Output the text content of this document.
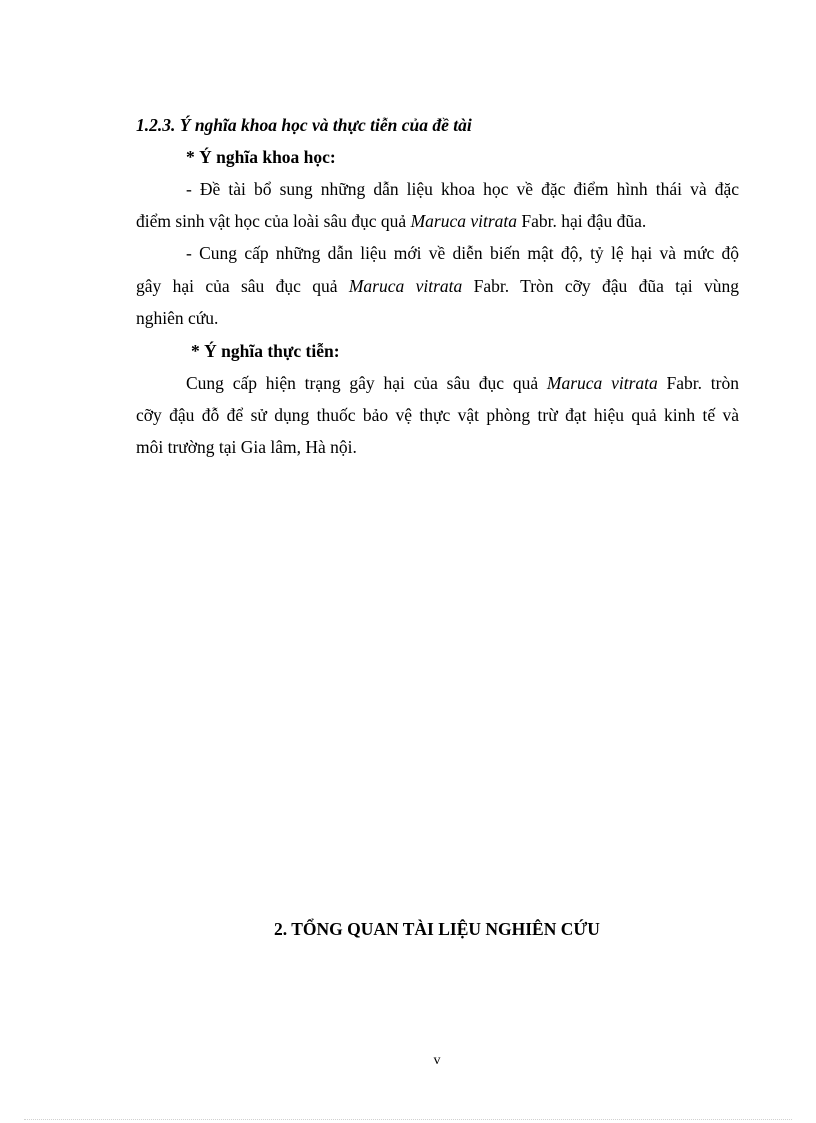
1.2.3. Ý nghĩa khoa học và thực tiễn của đề tài
* Ý nghĩa khoa học:
- Đề tài bổ sung những dẫn liệu khoa học về đặc điểm hình thái và đặc
điểm sinh vật học của loài sâu đục quả Maruca vitrata Fabr. hại đậu đũa.
- Cung cấp những dẫn liệu mới về diễn biến mật độ, tỷ lệ hại và mức độ
gây hại của sâu đục quả Maruca vitrata Fabr. Tròn cỡy đậu đũa tại vùng
nghiên cứu.
* Ý nghĩa thực tiễn:
Cung cấp hiện trạng gây hại của sâu đục quả Maruca vitrata Fabr. tròn
cỡy đậu đỗ để sử dụng thuốc bảo vệ thực vật phòng trừ đạt hiệu quả kinh tế và
môi trường tại Gia lâm, Hà nội.
2. TỔNG QUAN TÀI LIỆU NGHIÊN CỨU
v
